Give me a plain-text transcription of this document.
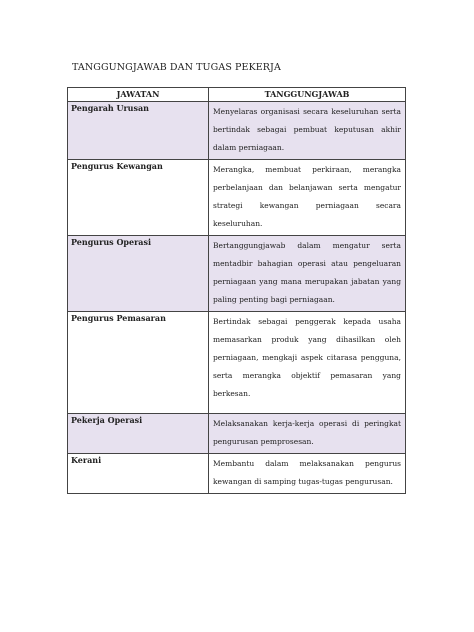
TANGGUNGJAWAB DAN TUGAS PEKERJA
JAWATAN	TANGGUNGJAWAB
Pengarah Urusan	Menyelaras organisasi secara keseluruhan serta bertindak sebagai pembuat keputusan akhir dalam perniagaan.
Pengurus Kewangan	Merangka, membuat perkiraan, merangka perbelanjaan dan belanjawan serta mengatur strategi kewangan perniagaan secara keseluruhan.
Pengurus Operasi	Bertanggungjawab dalam mengatur serta mentadbir bahagian operasi atau pengeluaran perniagaan yang mana merupakan jabatan yang paling penting bagi perniagaan.
Pengurus Pemasaran	Bertindak sebagai penggerak kepada usaha memasarkan produk yang dihasilkan oleh perniagaan, mengkaji aspek citarasa pengguna, serta merangka objektif pemasaran yang berkesan.
Pekerja Operasi	Melaksanakan kerja-kerja operasi di peringkat pengurusan pemprosesan.
Kerani	Membantu dalam melaksanakan pengurus kewangan di samping tugas-tugas pengurusan.
